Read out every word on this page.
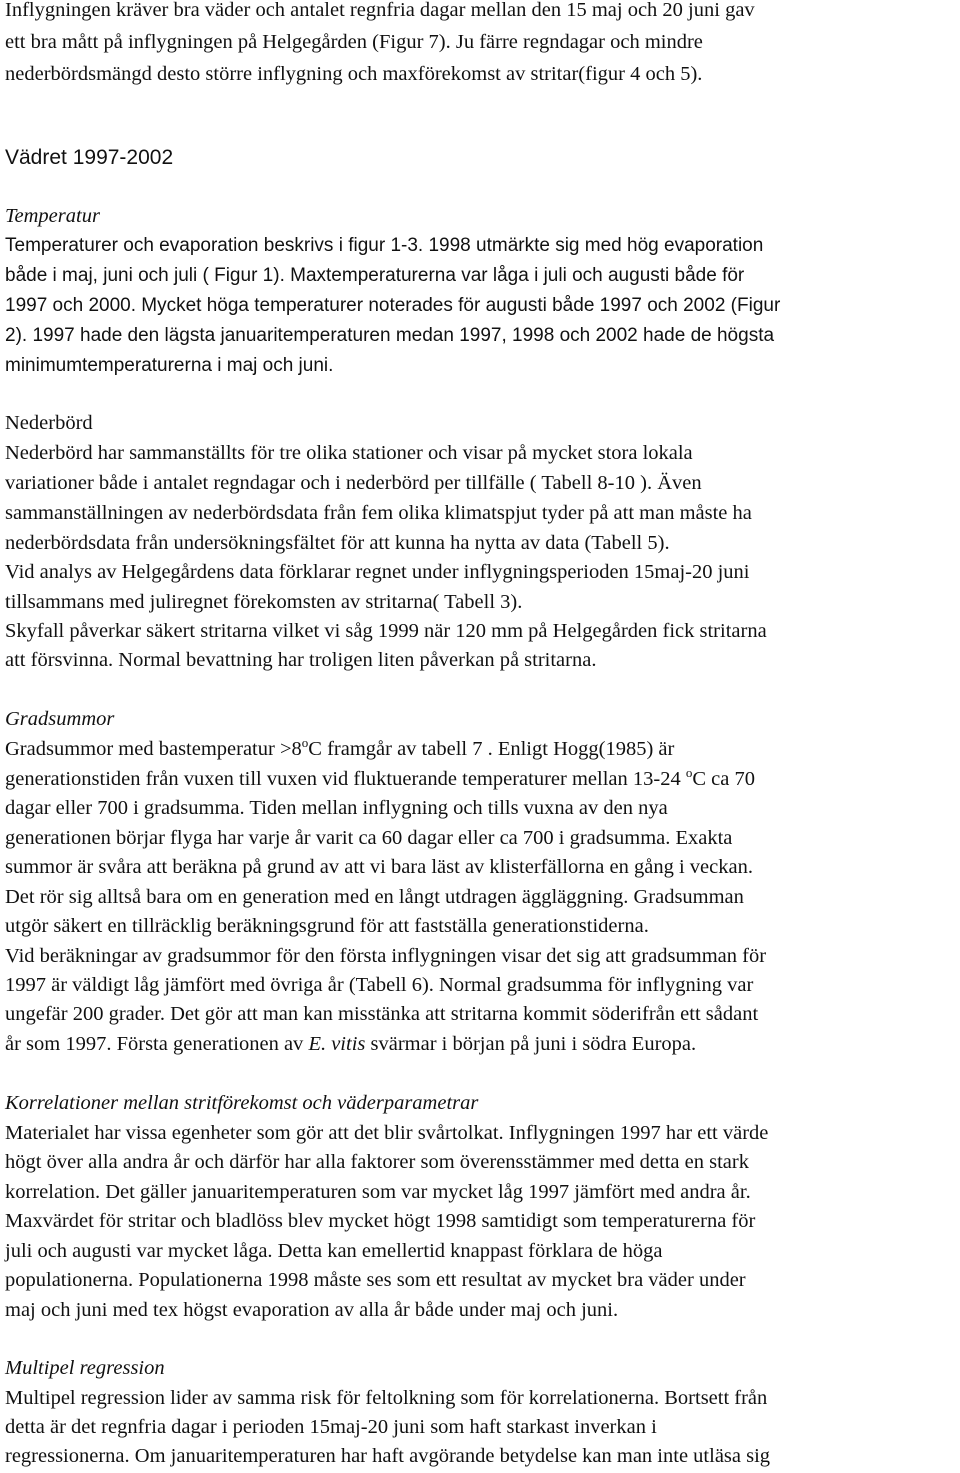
Inflygningen kräver bra väder och antalet regnfria dagar mellan den 15 maj och 20 juni gav
ett bra mått på inflygningen på Helgegården (Figur 7). Ju färre regndagar och mindre
nederbördsmängd desto större inflygning och maxförekomst av stritar(figur 4 och 5).
Vädret 1997-2002
Temperatur
Temperaturer och evaporation beskrivs i figur 1-3. 1998 utmärkte sig med hög evaporation
både i maj, juni och juli ( Figur 1). Maxtemperaturerna var låga i juli och augusti både för
1997 och 2000. Mycket höga temperaturer noterades för augusti både 1997 och 2002 (Figur
2). 1997 hade den lägsta januaritemperaturen medan 1997, 1998 och 2002 hade de högsta
minimumtemperaturerna i maj och juni.
Nederbörd
Nederbörd har sammanställts för tre olika stationer och visar på mycket stora lokala
variationer både i antalet regndagar och i nederbörd per tillfälle ( Tabell 8-10 ). Även
sammanställningen av nederbördsdata från fem olika klimatspjut tyder på att man måste ha
nederbördsdata från undersökningsfältet för att kunna ha nytta av data (Tabell 5).
Vid analys av Helgegårdens data förklarar regnet under inflygningsperioden 15maj-20 juni
tillsammans med juliregnet förekomsten av stritarna( Tabell 3).
Skyfall påverkar säkert stritarna vilket vi såg 1999 när 120 mm på Helgegården fick stritarna
att försvinna. Normal bevattning har troligen liten påverkan på stritarna.
Gradsummor
Gradsummor med bastemperatur $>8^oC$ framgår av tabell 7 . Enligt Hogg(1985) är
generationstiden från vuxen till vuxen vid fluktuerande temperaturer mellan 13-24 $^o$C ca 70
dagar eller 700 i gradsumma. Tiden mellan inflygning och tills vuxna av den nya
generationen börjar flyga har varje år varit ca 60 dagar eller ca 700 i gradsumma. Exakta
summor är svåra att beräkna på grund av att vi bara läst av klisterfällorna en gång i veckan.
Det rör sig alltså bara om en generation med en långt utdragen äggläggning. Gradsumman
utgör säkert en tillräcklig beräkningsgrund för att fastställa generationstiderna.
Vid beräkningar av gradsummor för den första inflygningen visar det sig att gradsumman för
1997 är väldigt låg jämfört med övriga år (Tabell 6). Normal gradsumma för inflygning var
ungefär 200 grader. Det gör att man kan misstänka att stritarna kommit söderifrån ett sådant
år som 1997. Första generationen av E. vitis svärmar i början på juni i södra Europa.
Korrelationer mellan stritförekomst och väderparametrar
Materialet har vissa egenheter som gör att det blir svårtolkat. Inflygningen 1997 har ett värde
högt över alla andra år och därför har alla faktorer som överensstämmer med detta en stark
korrelation. Det gäller januaritemperaturen som var mycket låg 1997 jämfört med andra år.
Maxvärdet för stritar och bladlöss blev mycket högt 1998 samtidigt som temperaturerna för
juli och augusti var mycket låga. Detta kan emellertid knappast förklara de höga
populationerna. Populationerna 1998 måste ses som ett resultat av mycket bra väder under
maj och juni med tex högst evaporation av alla år både under maj och juni.
Multipel regression
Multipel regression lider av samma risk för feltolkning som för korrelationerna. Bortsett från
detta är det regnfria dagar i perioden 15maj-20 juni som haft starkast inverkan i
regressionerna. Om januaritemperaturen har haft avgörande betydelse kan man inte utläsa sig
